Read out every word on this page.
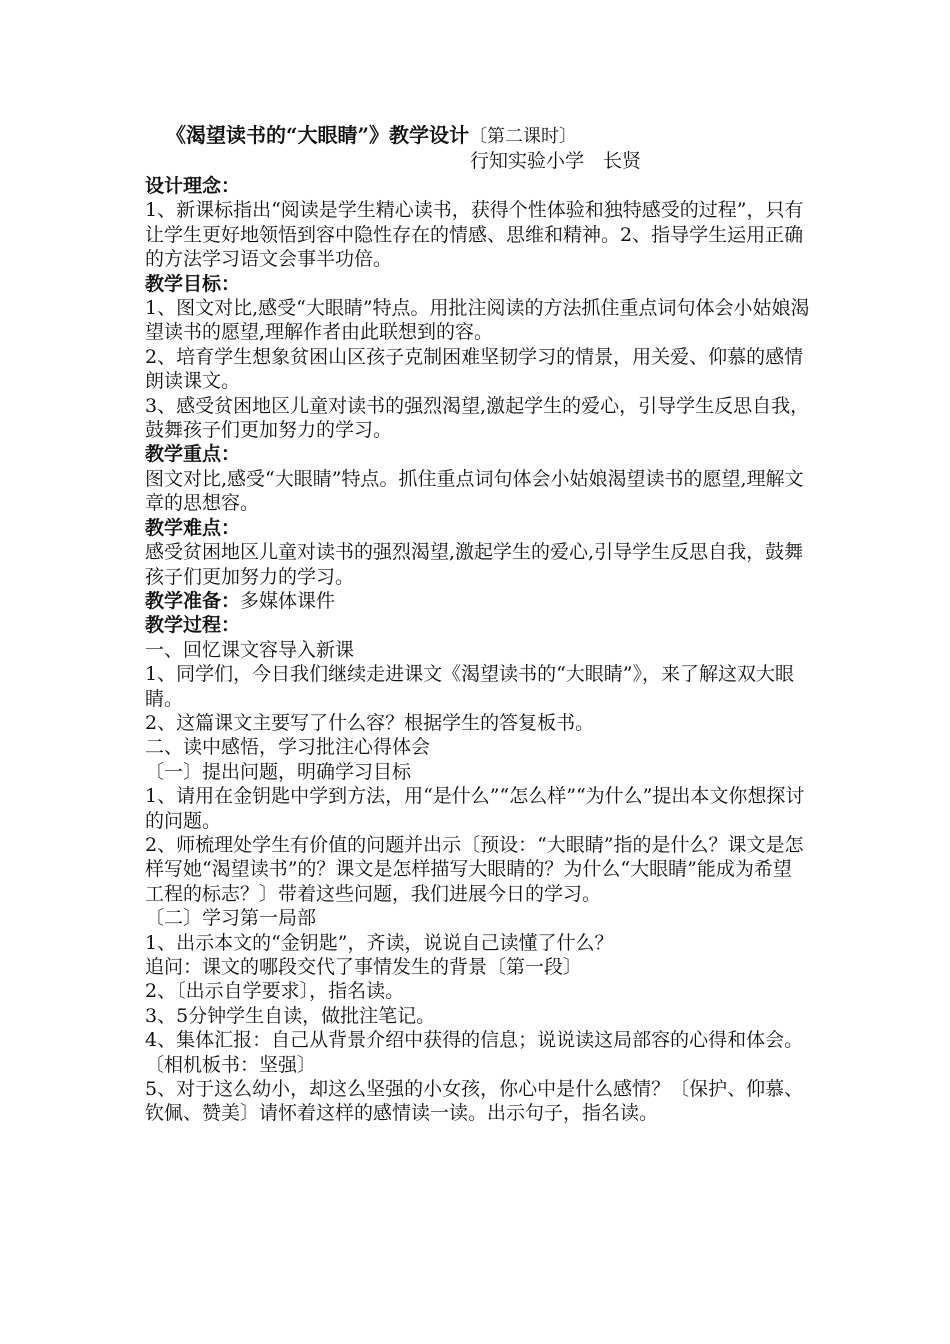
《渴望读书的“大眼睛”》教学设计〔第二课时〕
行知实验小学　长贤
设计理念：
1、新课标指出“阅读是学生精心读书，获得个性体验和独特感受的过程”，只有让学生更好地领悟到容中隐性存在的情感、思维和精神。2、指导学生运用正确的方法学习语文会事半功倍。
教学目标：
1、图文对比,感受“大眼睛”特点。用批注阅读的方法抓住重点词句体会小姑娘渴望读书的愿望,理解作者由此联想到的容。
2、培育学生想象贫困山区孩子克制困难坚韧学习的情景，用关爱、仰慕的感情朗读课文。
3、感受贫困地区儿童对读书的强烈渴望,激起学生的爱心，引导学生反思自我，鼓舞孩子们更加努力的学习。
教学重点：
图文对比,感受“大眼睛”特点。抓住重点词句体会小姑娘渴望读书的愿望,理解文章的思想容。
教学难点：
感受贫困地区儿童对读书的强烈渴望,激起学生的爱心,引导学生反思自我，鼓舞孩子们更加努力的学习。
教学准备：多媒体课件
教学过程：
一、回忆课文容导入新课
1、同学们，今日我们继续走进课文《渴望读书的“大眼睛”》，来了解这双大眼睛。
2、这篇课文主要写了什么容？根据学生的答复板书。
二、读中感悟，学习批注心得体会
〔一〕提出问题，明确学习目标
1、请用在金钥匙中学到方法，用“是什么”“怎么样”“为什么”提出本文你想探讨的问题。
2、师梳理处学生有价值的问题并出示〔预设：“大眼睛”指的是什么？课文是怎样写她“渴望读书”的？课文是怎样描写大眼睛的？为什么“大眼睛”能成为希望工程的标志？〕带着这些问题，我们进展今日的学习。
〔二〕学习第一局部
1、出示本文的“金钥匙”，齐读，说说自己读懂了什么？
追问：课文的哪段交代了事情发生的背景〔第一段〕
2、〔出示自学要求〕，指名读。
3、5分钟学生自读，做批注笔记。
4、集体汇报：自己从背景介绍中获得的信息；说说读这局部容的心得和体会。〔相机板书：坚强〕
5、对于这么幼小，却这么坚强的小女孩，你心中是什么感情？〔保护、仰慕、钦佩、赞美〕请怀着这样的感情读一读。出示句子，指名读。
